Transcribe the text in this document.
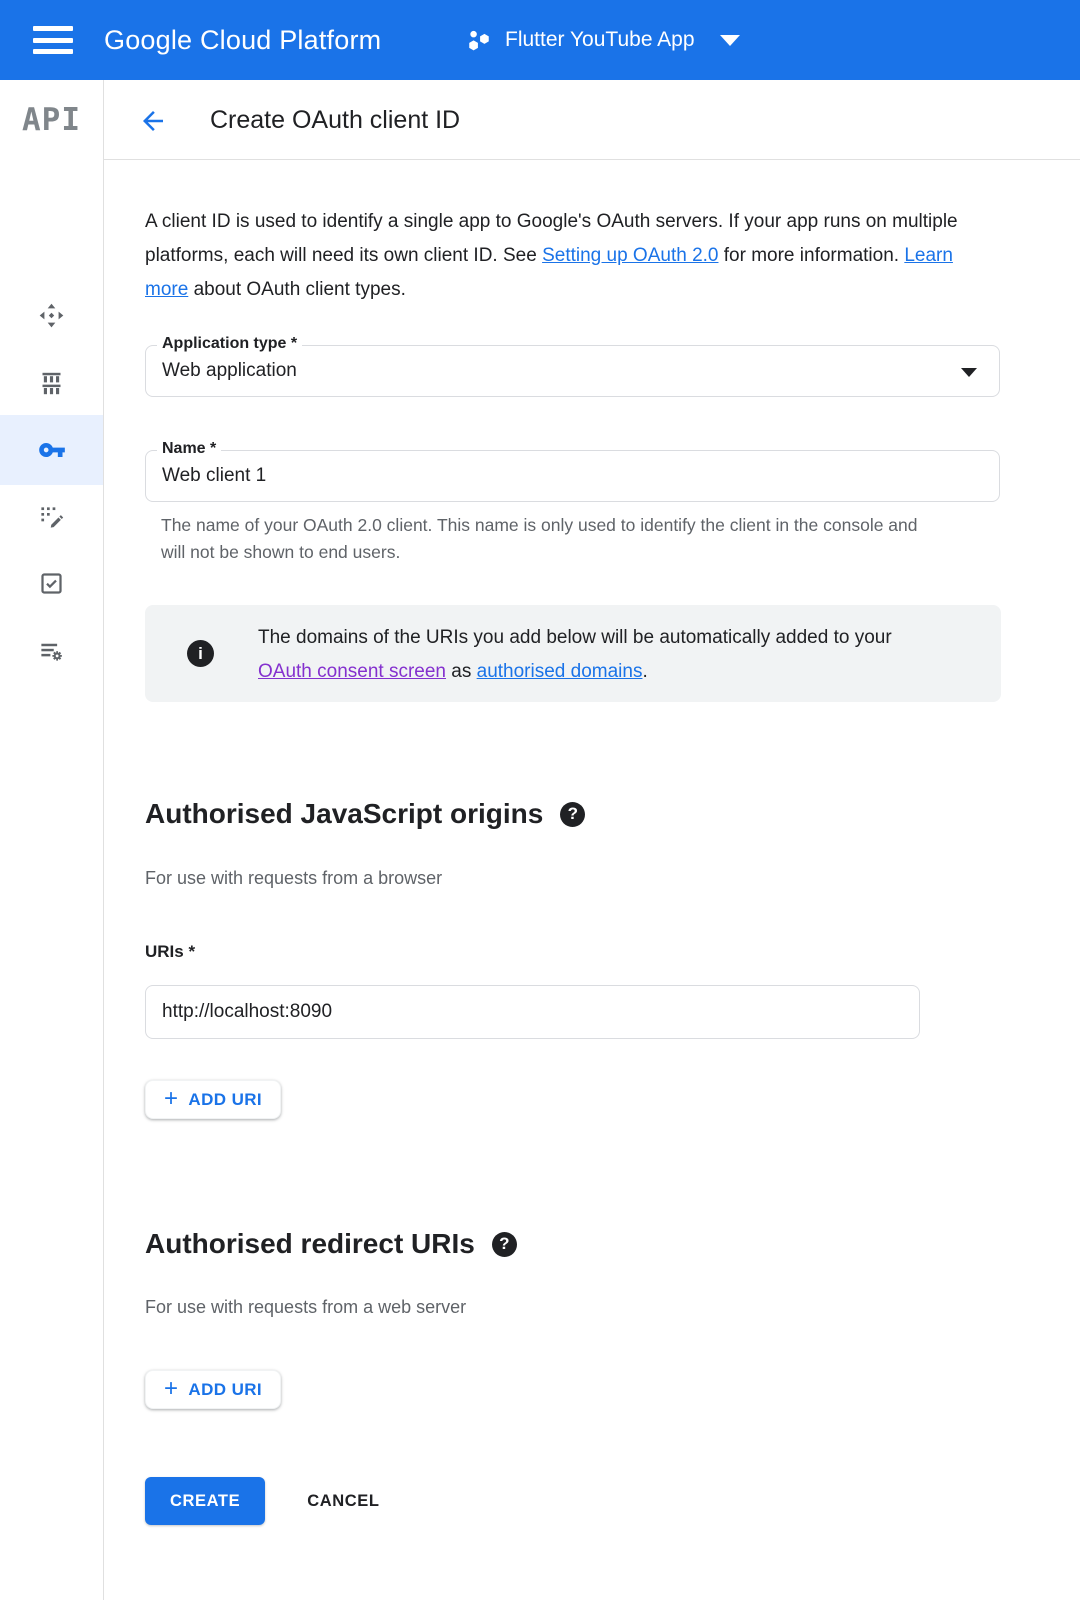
Google Cloud Platform	Flutter YouTube App
API	Create OAuth client ID

A client ID is used to identify a single app to Google's OAuth servers. If your app runs on multiple platforms, each will need its own client ID. See Setting up OAuth 2.0 for more information. Learn more about OAuth client types.

Application type *
Web application
Name *
Web client 1

The name of your OAuth 2.0 client. This name is only used to identify the client in the console and will not be shown to end users.

i

The domains of the URIs you add below will be automatically added to your OAuth consent screen as authorised domains.

Authorised JavaScript origins	?
For use with requests from a browser
URIs *
http://localhost:8090
+ ADD URI
Authorised redirect URIs	?
For use with requests from a web server
+ ADD URI
CREATE	CANCEL
